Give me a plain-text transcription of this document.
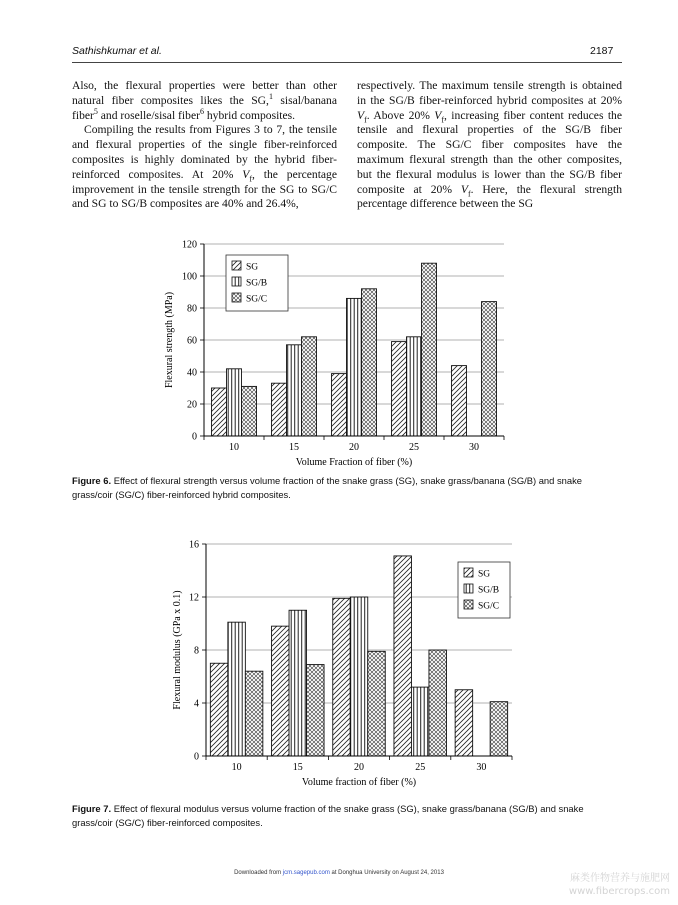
Sathishkumar et al.	2187

Also, the flexural properties were better than other natural fiber composites likes the SG,$^1$ sisal/banana fiber$^5$ and roselle/sisal fiber$^6$ hybrid composites.

Compiling the results from Figures 3 to 7, the tensile and flexural properties of the single fiber-reinforced composites is highly dominated by the hybrid fiber-reinforced composites. At 20% $V_f$, the percentage improvement in the tensile strength for the SG to SG/C and SG to SG/B composites are 40% and 26.4%,

respectively. The maximum tensile strength is obtained in the SG/B fiber-reinforced hybrid composites at 20% $V_f$. Above 20% $V_f$, increasing fiber content reduces the tensile and flexural properties of the SG/B fiber composite. The SG/C fiber composites have the maximum flexural strength than the other composites, but the flexural modulus is lower than the SG/B fiber composite at 20% $V_f$. Here, the flexural strength percentage difference between the SG

0
20
40
60
80
100
120
10	15	20	25	30
Volume Fraction of fiber (%)
Flexural strength (MPa)
SG
SG/B
SG/C
Figure 6. Effect of flexural strength versus volume fraction of the snake grass (SG), snake grass/banana (SG/B) and snake grass/coir (SG/C) fiber-reinforced hybrid composites.
0
4
8
12
16
10	15	20	25	30
Volume fraction of fiber (%)
Flexural modulus (GPa x 0.1)
SG
SG/B
SG/C
Figure 7. Effect of flexural modulus versus volume fraction of the snake grass (SG), snake grass/banana (SG/B) and snake grass/coir (SG/C) fiber-reinforced composites.
Downloaded from jcm.sagepub.com at Donghua University on August 24, 2013	麻类作物营养与施肥网
www.fibercrops.com
